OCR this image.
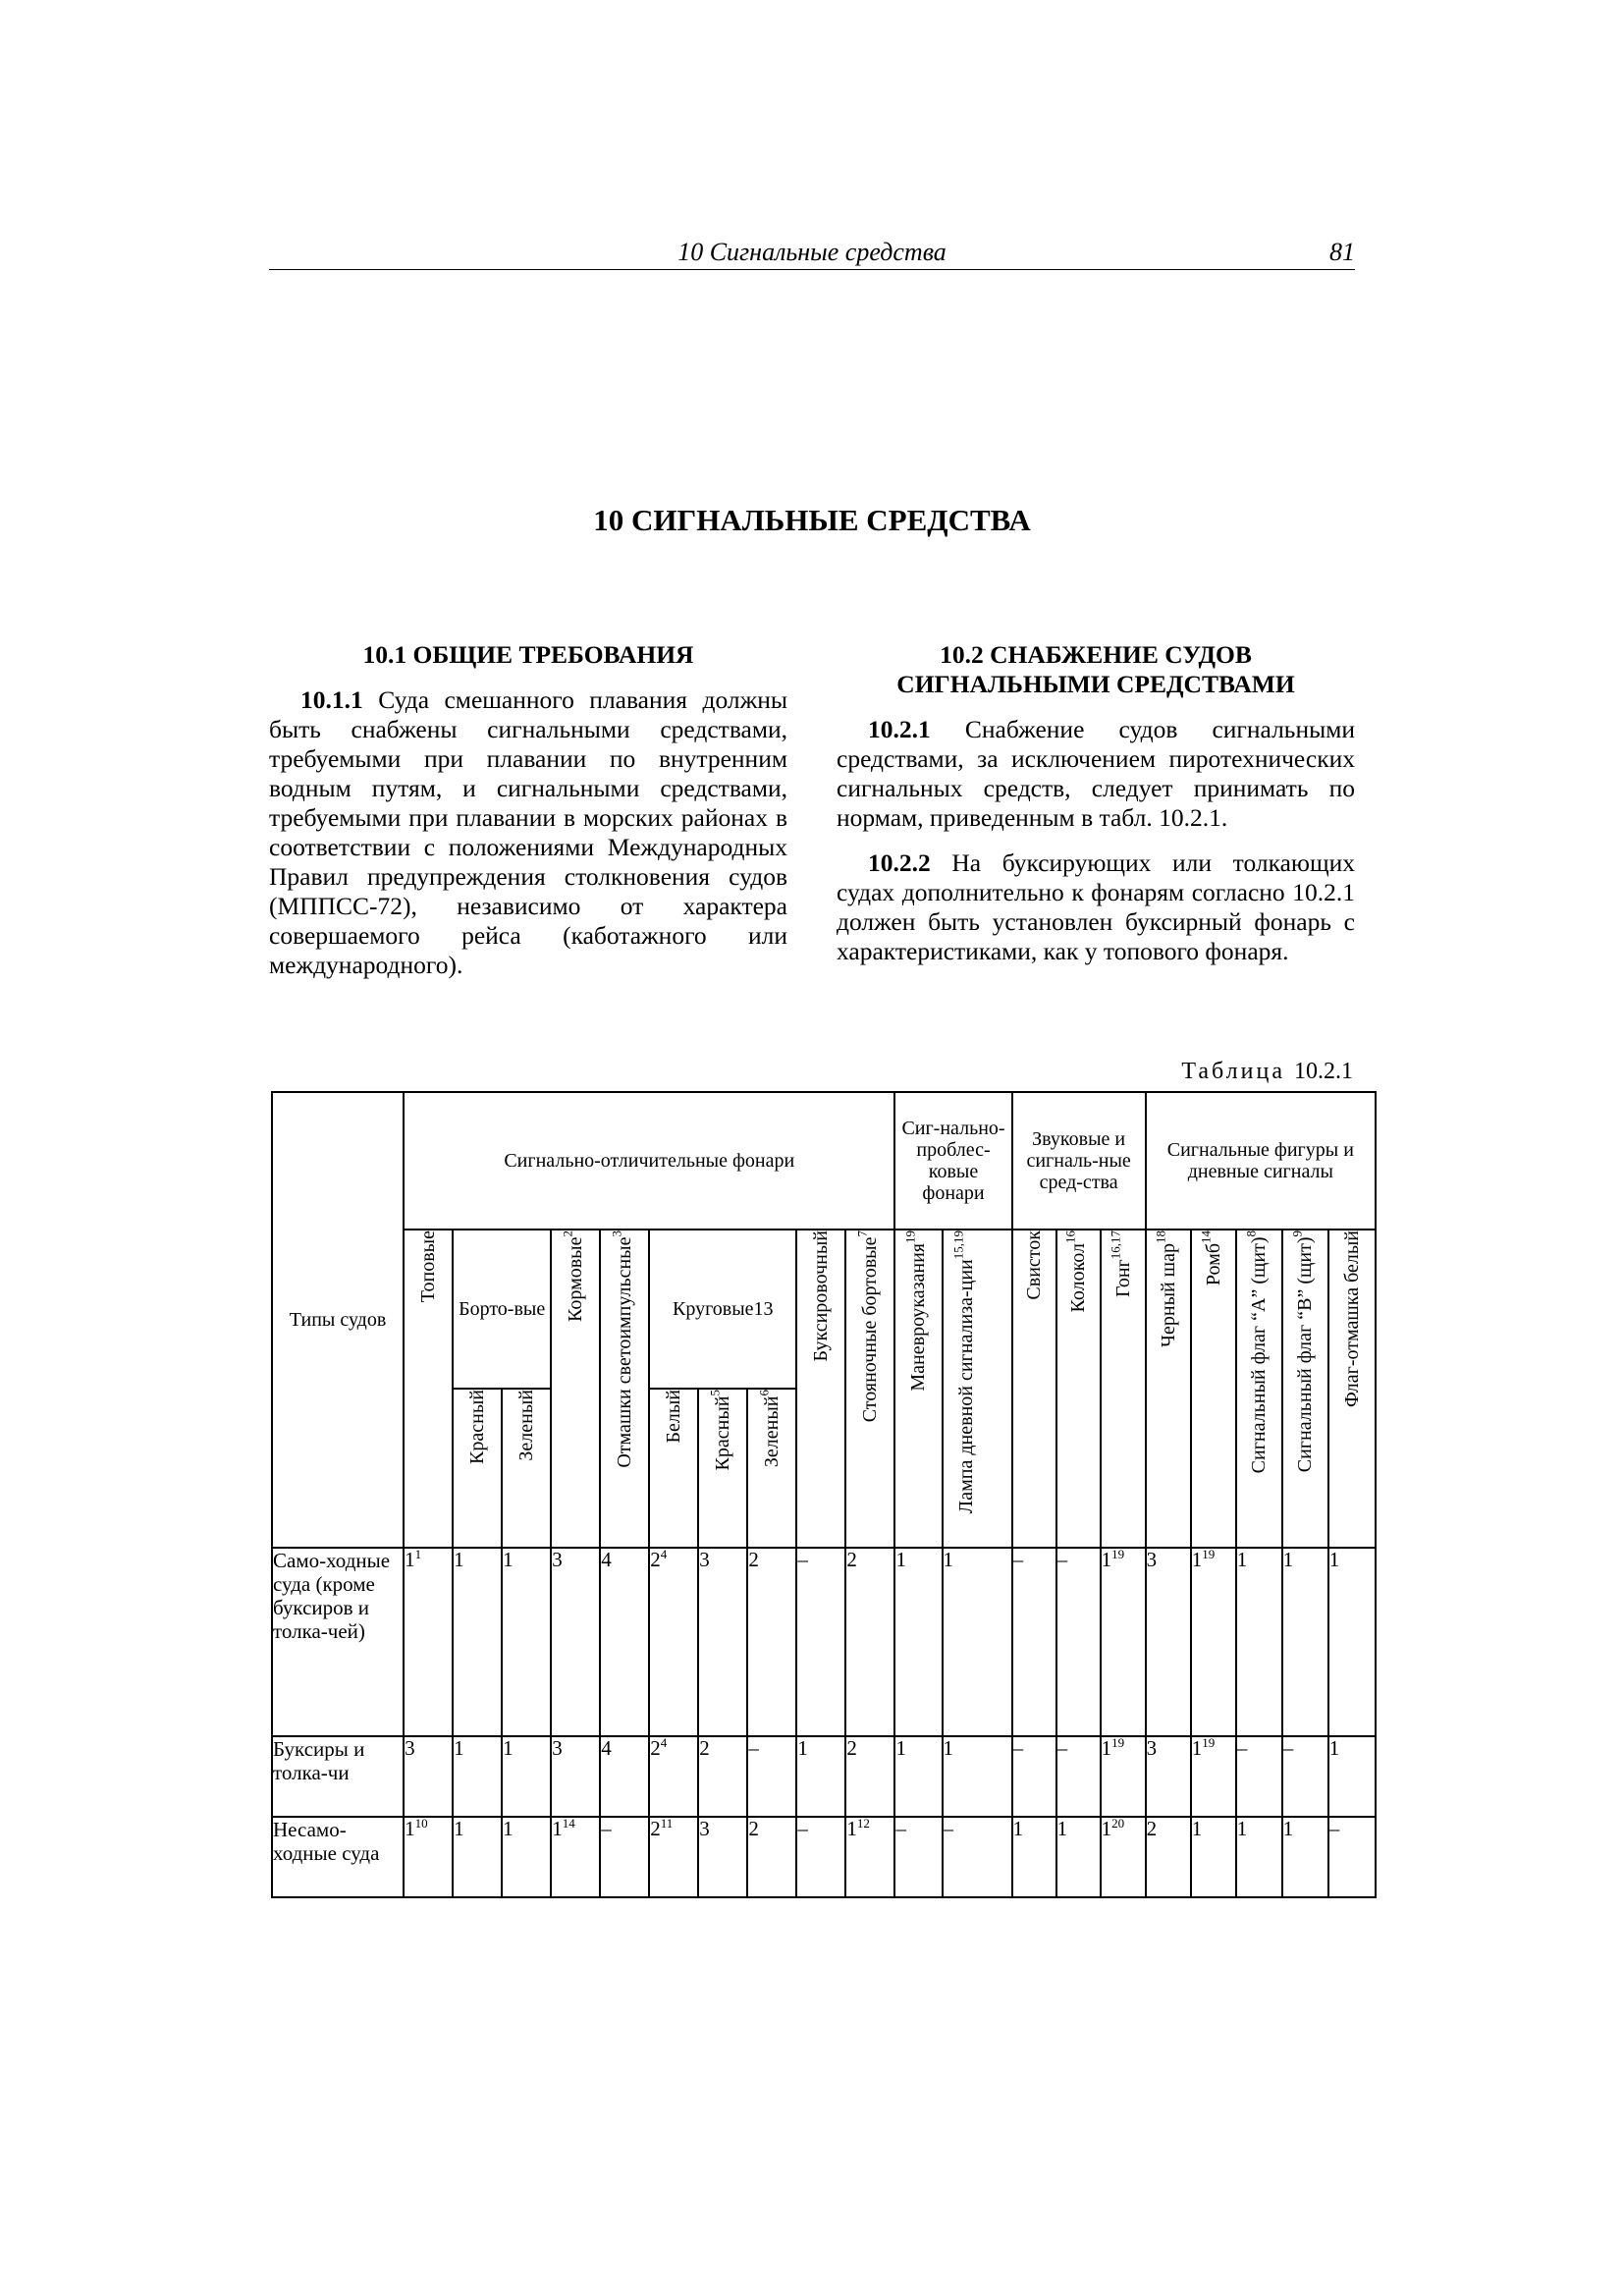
10 Сигнальные средства	81
10 СИГНАЛЬНЫЕ СРЕДСТВА
10.1 ОБЩИЕ ТРЕБОВАНИЯ

10.1.1 Суда смешанного плавания должны быть снабжены сигнальными средствами, требуемыми при плавании по внутренним водным путям, и сигнальными средствами, требуемыми при плавании в морских районах в соответствии с положениями Международных Правил предупреждения столкновения судов (МППСС-72), независимо от характера совершаемого рейса (каботажного или международного).

10.2 СНАБЖЕНИЕ СУДОВ СИГНАЛЬНЫМИ СРЕДСТВАМИ

10.2.1 Снабжение судов сигнальными средствами, за исключением пиротехнических сигнальных средств, следует принимать по нормам, приведенным в табл. 10.2.1.

10.2.2 На буксирующих или толкающих судах дополнительно к фонарям согласно 10.2.1 должен быть установлен буксирный фонарь с характеристиками, как у топового фонаря.

Таблица 10.2.1
Типы судов	Сигнально-отличительные фонари										Сиг-нально-проблес-ковые фонари		Звуковые и сигналь-ные сред-ства			Сигнальные фигуры и дневные сигналы				

	Топовые	Борто-вые		Кормовые$^2$	Отмашки светоимпульсные$^3$	Круговые13			Буксировочный	Стояночные бортовые$^7$	Маневроуказания$^{19}$	Лампа дневной сигнализа-ции$^{15,19}$	Свисток	Колокол$^{16}$	Гонг$^{16,17}$	Черный шар$^{18}$	Ромб$^{14}$	Сигнальный флаг “А” (щит)$^8$	Сигнальный флаг “В” (щит)$^9$	Флаг-отмашка белый

		Красный	Зеленый			Белый	Красный$^5$	Зеленый$^6$

Само-ходные суда (кроме буксиров и толка-чей)	$1^1$	1	1	3	4	$2^4$	3	2	–	2	1	1	–	–	$1^{19}$	3	$1^{19}$	1	1	1
Буксиры и толка-чи	3	1	1	3	4	$2^4$	2	–	1	2	1	1	–	–	$1^{19}$	3	$1^{19}$	–	–	1
Несамо-ходные суда	$1^{10}$	1	1	$1^{14}$	–	$2^{11}$	3	2	–	$1^{12}$	–	–	1	1	$1^{20}$	2	1	1	1	–
